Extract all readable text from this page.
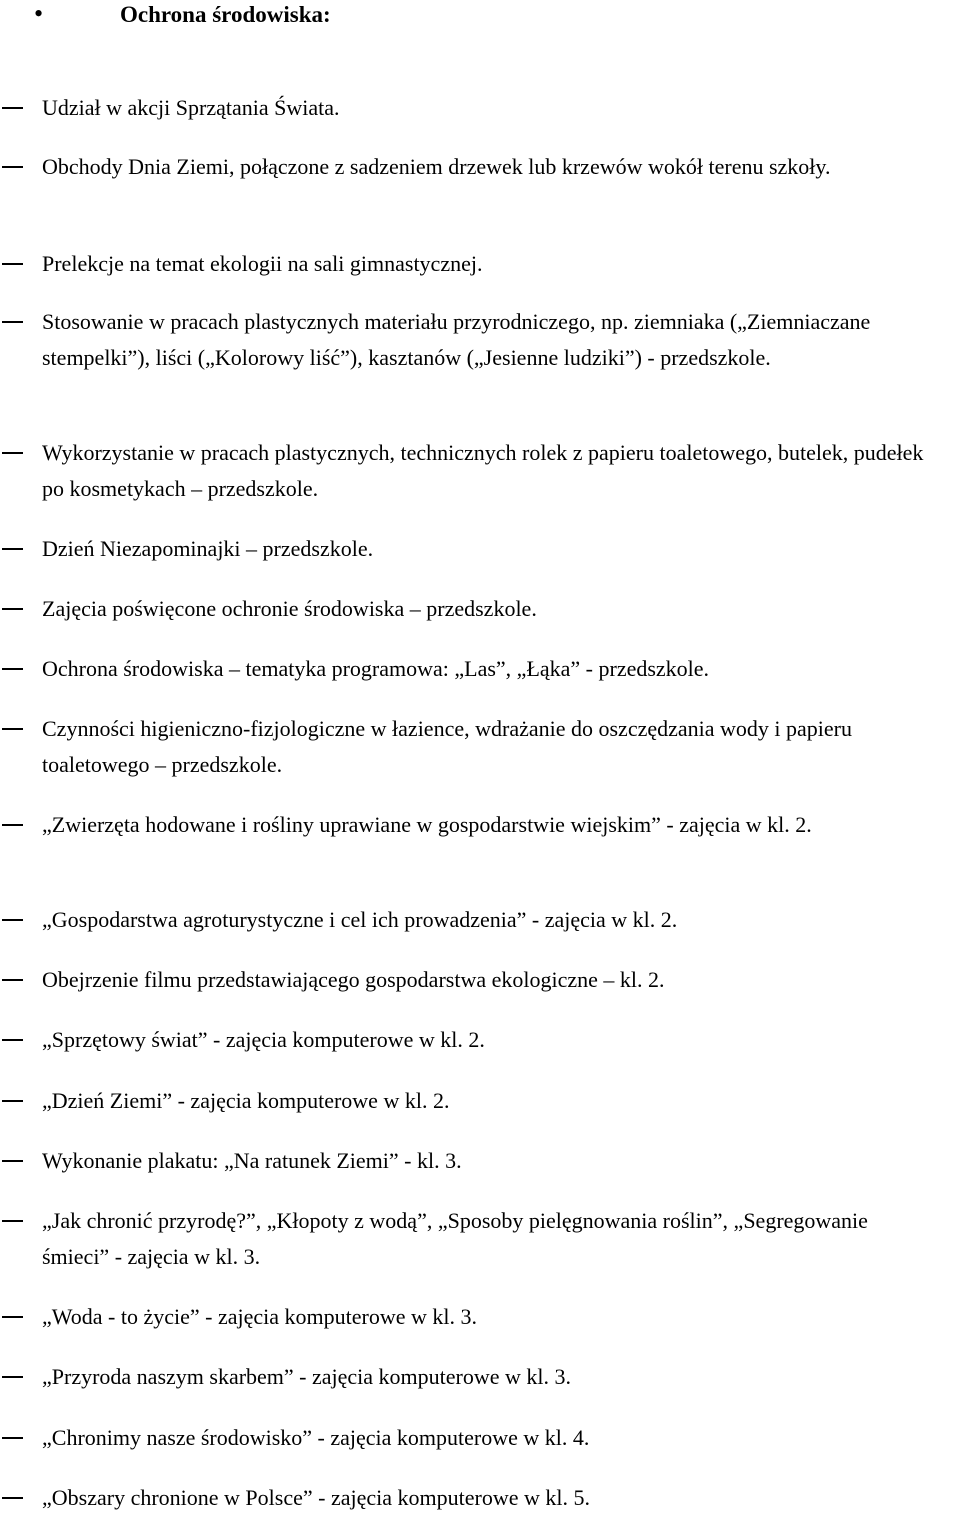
•	Ochrona środowiska:
Udział w akcji Sprzątania Świata.
Obchody Dnia Ziemi, połączone z sadzeniem drzewek lub krzewów wokół terenu szkoły.
Prelekcje na temat ekologii na sali gimnastycznej.
Stosowanie w pracach plastycznych materiału przyrodniczego, np. ziemniaka („Ziemniaczane stempelki”), liści („Kolorowy liść”), kasztanów („Jesienne ludziki”) - przedszkole.
Wykorzystanie w pracach plastycznych, technicznych rolek z papieru toaletowego, butelek, pudełek po kosmetykach – przedszkole.
Dzień Niezapominajki – przedszkole.
Zajęcia poświęcone ochronie środowiska – przedszkole.
Ochrona środowiska – tematyka programowa: „Las”, „Łąka” - przedszkole.
Czynności higieniczno-fizjologiczne w łazience, wdrażanie do oszczędzania wody i papieru toaletowego – przedszkole.
„Zwierzęta hodowane i rośliny uprawiane w gospodarstwie wiejskim” - zajęcia w kl. 2.
„Gospodarstwa agroturystyczne i cel ich prowadzenia” - zajęcia w kl. 2.
Obejrzenie filmu przedstawiającego gospodarstwa ekologiczne – kl. 2.
„Sprzętowy świat” - zajęcia komputerowe w kl. 2.
„Dzień Ziemi” - zajęcia komputerowe w kl. 2.
Wykonanie plakatu: „Na ratunek Ziemi” - kl. 3.
„Jak chronić przyrodę?”, „Kłopoty z wodą”, „Sposoby pielęgnowania roślin”, „Segregowanie śmieci” - zajęcia w kl. 3.
„Woda - to życie” - zajęcia komputerowe w kl. 3.
„Przyroda naszym skarbem” - zajęcia komputerowe w kl. 3.
„Chronimy nasze środowisko” - zajęcia komputerowe w kl. 4.
„Obszary chronione w Polsce” - zajęcia komputerowe w kl. 5.
